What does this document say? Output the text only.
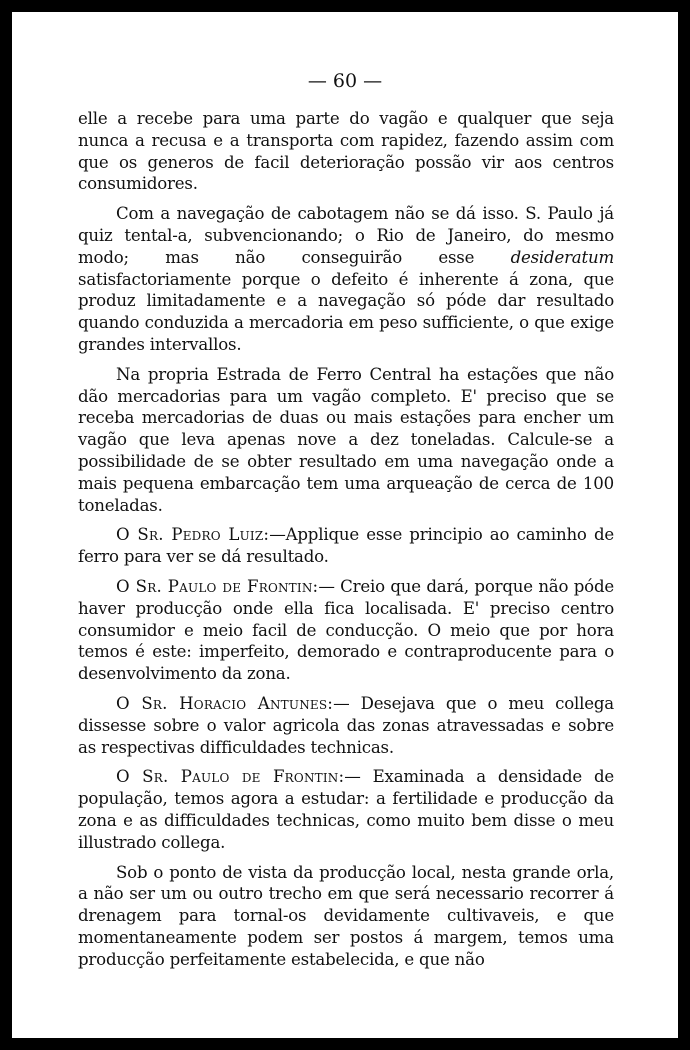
— 60 —

elle a recebe para uma parte do vagão e qualquer que seja nunca a recusa e a transporta com rapidez, fazendo assim com que os generos de facil deterioração possão vir aos centros consumidores.

Com a navegação de cabotagem não se dá isso. S. Paulo já quiz tental-a, subvencionando; o Rio de Janeiro, do mesmo modo; mas não conseguirão esse desideratum satisfactoriamente porque o defeito é inherente á zona, que produz limitadamente e a navegação só póde dar resultado quando conduzida a mercadoria em peso sufficiente, o que exige grandes intervallos.

Na propria Estrada de Ferro Central ha estações que não dão mercadorias para um vagão completo. E' preciso que se receba mercadorias de duas ou mais estações para encher um vagão que leva apenas nove a dez toneladas. Calcule-se a possibilidade de se obter resultado em uma navegação onde a mais pequena embarcação tem uma arqueação de cerca de 100 toneladas.

O Sr. Pedro Luiz:—Applique esse principio ao caminho de ferro para ver se dá resultado.

O Sr. Paulo de Frontin:— Creio que dará, porque não póde haver producção onde ella fica localisada. E' preciso centro consumidor e meio facil de conducção. O meio que por hora temos é este: imperfeito, demorado e contraproducente para o desenvolvimento da zona.

O Sr. Horacio Antunes:— Desejava que o meu collega dissesse sobre o valor agricola das zonas atravessadas e sobre as respectivas difficuldades technicas.

O Sr. Paulo de Frontin:— Examinada a densidade de população, temos agora a estudar: a fertilidade e producção da zona e as difficuldades technicas, como muito bem disse o meu illustrado collega.

Sob o ponto de vista da producção local, nesta grande orla, a não ser um ou outro trecho em que será necessario recorrer á drenagem para tornal-os devidamente cultivaveis, e que momentaneamente podem ser postos á margem, temos uma producção perfeitamente estabelecida, e que não
